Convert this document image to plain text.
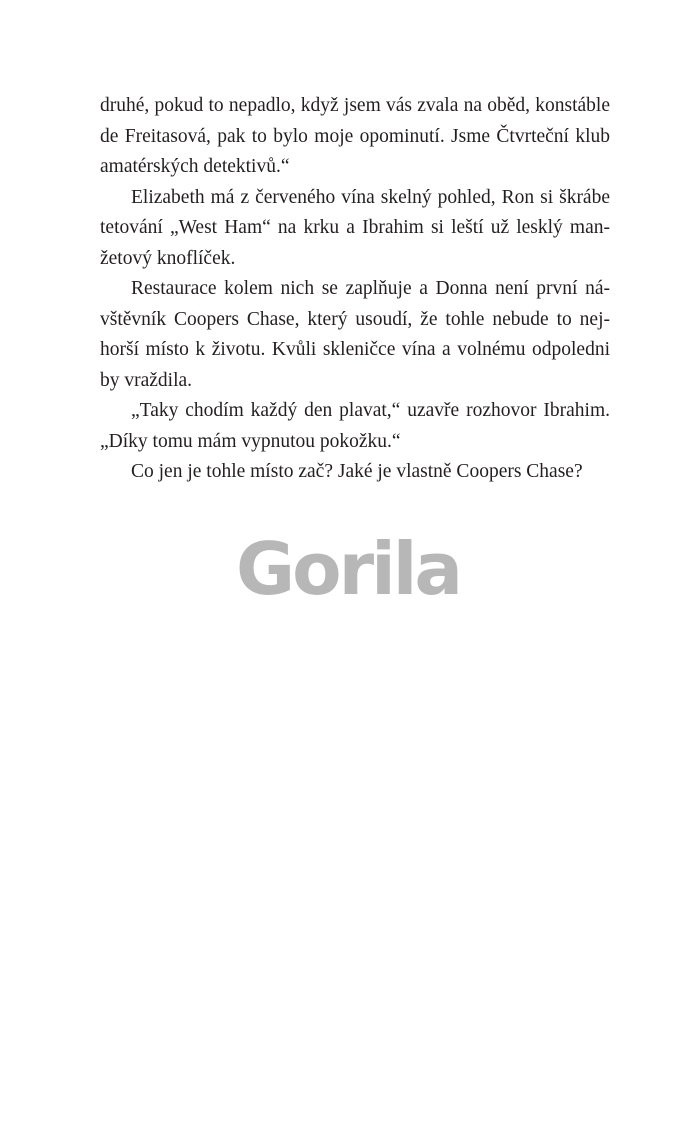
druhé, pokud to nepadlo, když jsem vás zvala na oběd, konstáble
de Freitasová, pak to bylo moje opominutí. Jsme Čtvrteční klub
amatérských detektivů.“
Elizabeth má z červeného vína skelný pohled, Ron si škrábe
tetování „West Ham“ na krku a Ibrahim si leští už lesklý man-
žetový knoflíček.
Restaurace kolem nich se zaplňuje a Donna není první ná-
vštěvník Coopers Chase, který usoudí, že tohle nebude to nej-
horší místo k životu. Kvůli skleničce vína a volnému odpoledni
by vraždila.
„Taky chodím každý den plavat,“ uzavře rozhovor Ibrahim.
„Díky tomu mám vypnutou pokožku.“
Co jen je tohle místo zač? Jaké je vlastně Coopers Chase?
Gorila
